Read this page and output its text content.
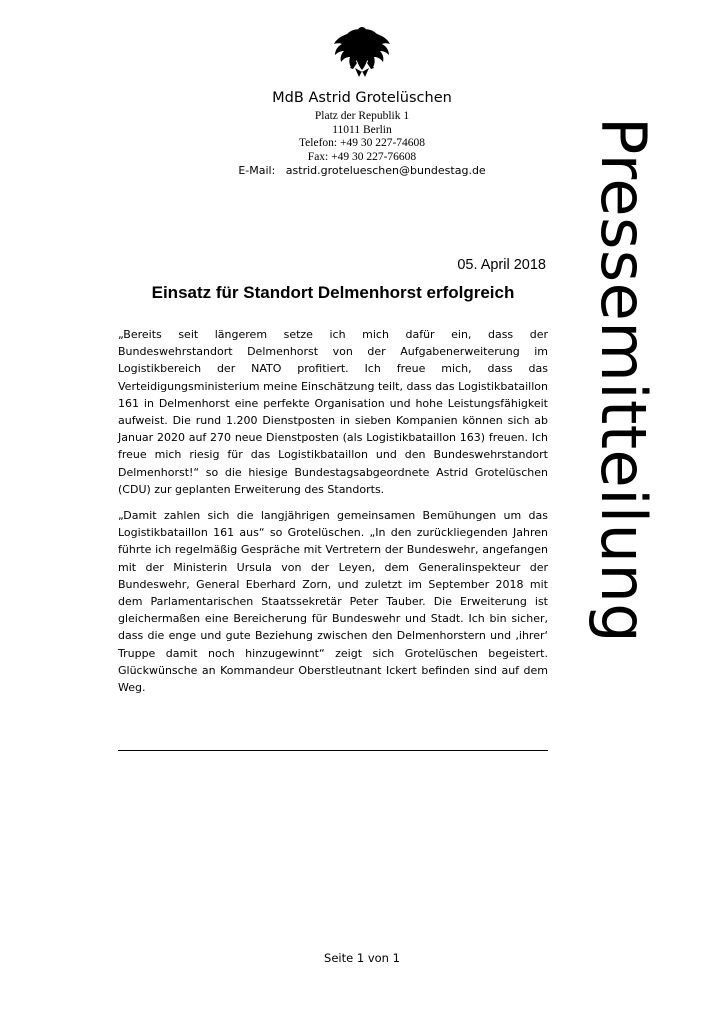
MdB Astrid Grotelüschen
Platz der Republik 1
11011 Berlin
Telefon: +49 30 227-74608
Fax: +49 30 227-76608
E-Mail: astrid.grotelueschen@bundestag.de	Pressemitteilung
05. April 2018
Einsatz für Standort Delmenhorst erfolgreich

„Bereits seit längerem setze ich mich dafür ein, dass der Bundeswehrstandort Delmenhorst von der Aufgabenerweiterung im Logistikbereich der NATO profitiert. Ich freue mich, dass das Verteidigungsministerium meine Einschätzung teilt, dass das Logistikbataillon 161 in Delmenhorst eine perfekte Organisation und hohe Leistungsfähigkeit aufweist. Die rund 1.200 Dienstposten in sieben Kompanien können sich ab Januar 2020 auf 270 neue Dienstposten (als Logistikbataillon 163) freuen. Ich freue mich riesig für das Logistikbataillon und den Bundeswehrstandort Delmenhorst!“ so die hiesige Bundestagsabgeordnete Astrid Grotelüschen (CDU) zur geplanten Erweiterung des Standorts.

„Damit zahlen sich die langjährigen gemeinsamen Bemühungen um das Logistikbataillon 161 aus“ so Grotelüschen. „In den zurückliegenden Jahren führte ich regelmäßig Gespräche mit Vertretern der Bundeswehr, angefangen mit der Ministerin Ursula von der Leyen, dem Generalinspekteur der Bundeswehr, General Eberhard Zorn, und zuletzt im September 2018 mit dem Parlamentarischen Staatssekretär Peter Tauber. Die Erweiterung ist gleichermaßen eine Bereicherung für Bundeswehr und Stadt. Ich bin sicher, dass die enge und gute Beziehung zwischen den Delmenhorstern und ‚ihrer‘ Truppe damit noch hinzugewinnt“ zeigt sich Grotelüschen begeistert. Glückwünsche an Kommandeur Oberstleutnant Ickert befinden sind auf dem Weg.

Seite 1 von 1
